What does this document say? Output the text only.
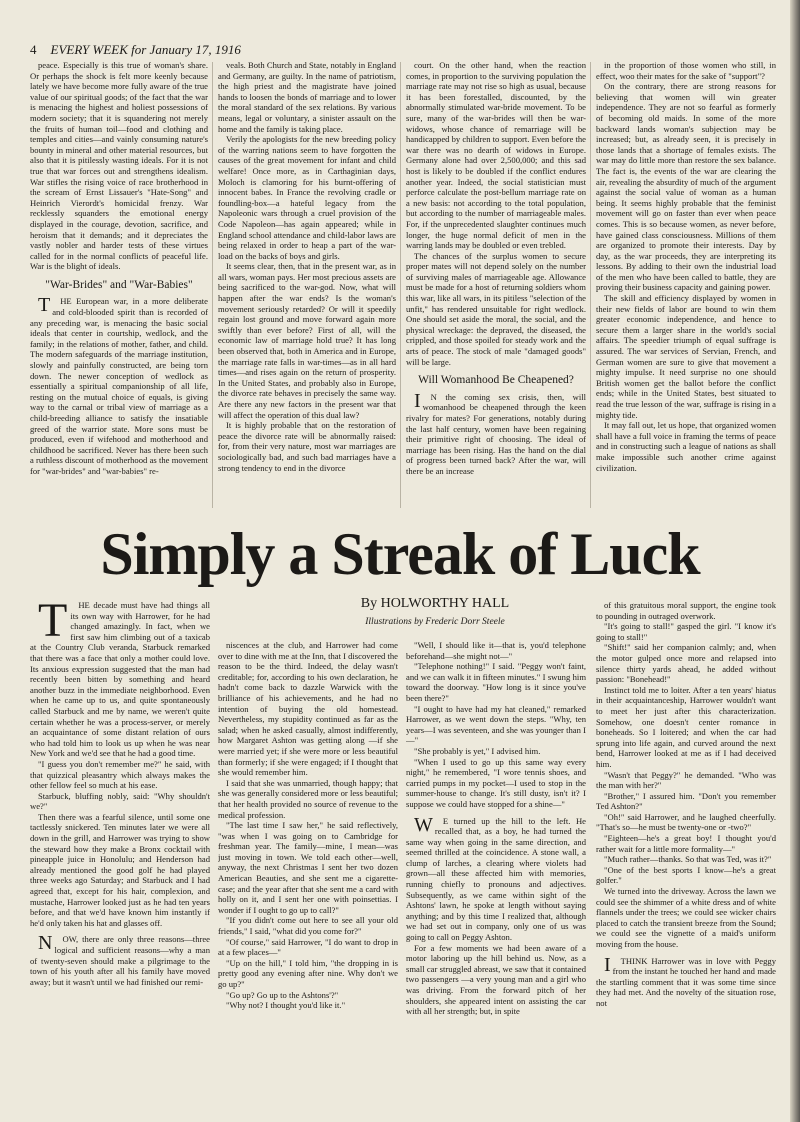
4 EVERY WEEK for January 17, 1916

peace. Especially is this true of woman's share. Or perhaps the shock is felt more keenly because lately we have become more fully aware of the true value of our spiritual goods; of the fact that the war is menacing the highest and holiest possessions of modern society; that it is squandering not merely the fruits of human toil—food and clothing and temples and cities—and vainly consuming nature's bounty in mineral and other material resources, but also that it is pitilessly wasting ideals. For it is not true that war forces out and strengthens idealism. War stifles the rising voice of race brotherhood in the scream of Ernst Lissauer's "Hate-Song" and Heinrich Vierordt's homicidal frenzy. War recklessly squanders the emotional energy displayed in the courage, devotion, sacrifice, and heroism that it demands; and it depreciates the vastly nobler and harder tests of these virtues called for in the normal conflicts of peaceful life. War is the blight of ideals.

"War-Brides" and "War-Babies"

THE European war, in a more deliberate and cold-blooded spirit than is recorded of any preceding war, is menacing the basic social ideals that center in courtship, wedlock, and the family; in the relations of mother, father, and child. The modern safeguards of the marriage institution, slowly and painfully constructed, are being torn down. The newer conception of wedlock as essentially a spiritual companionship of all life, resting on the mutual choice of equals, is giving way to the carnal or tribal view of marriage as a child-breeding alliance to satisfy the insatiable greed of the warrior state. More sons must be produced, even if wifehood and motherhood and childhood be sacrificed. Never has there been such a ruthless discount of motherhood as the movement for "war-brides" and "war-babies" re-

veals. Both Church and State, notably in England and Germany, are guilty. In the name of patriotism, the high priest and the magistrate have joined hands to loosen the bonds of marriage and to lower the moral standard of the sex relations. By various means, legal or voluntary, a sinister assault on the home and the family is taking place.

Verily the apologists for the new breeding policy of the warring nations seem to have forgotten the causes of the great movement for infant and child welfare! Once more, as in Carthaginian days, Moloch is clamoring for his burnt-offering of innocent babes. In France the revolving cradle or foundling-box—a hateful legacy from the Napoleonic wars through a cruel provision of the Code Napoleon—has again appeared; while in England school attendance and child-labor laws are being relaxed in order to heap a part of the war-load on the backs of boys and girls.

It seems clear, then, that in the present war, as in all wars, woman pays. Her most precious assets are being sacrificed to the war-god. Now, what will happen after the war ends? Is the woman's movement seriously retarded? Or will it speedily regain lost ground and move forward again more swiftly than ever before? First of all, will the economic law of marriage hold true? It has long been observed that, both in America and in Europe, the marriage rate falls in war-times—as in all hard times—and rises again on the return of prosperity. In the United States, and probably also in Europe, the divorce rate behaves in precisely the same way. Are there any new factors in the present war that will affect the operation of this dual law?

It is highly probable that on the restoration of peace the divorce rate will be abnormally raised: for, from their very nature, most war marriages are sociologically bad, and such bad marriages have a strong tendency to end in the divorce

court. On the other hand, when the reaction comes, in proportion to the surviving population the marriage rate may not rise so high as usual, because it has been forestalled, discounted, by the abnormally stimulated war-bride movement. To be sure, many of the war-brides will then be war-widows, whose chance of remarriage will be handicapped by children to support. Even before the war there was no dearth of widows in Europe. Germany alone had over 2,500,000; and this sad host is likely to be doubled if the conflict endures another year. Indeed, the social statistician must perforce calculate the post-bellum marriage rate on a new basis: not according to the total population, but according to the number of marriageable males. For, if the unprecedented slaughter continues much longer, the huge normal deficit of men in the warring lands may be doubled or even trebled.

The chances of the surplus women to secure proper mates will not depend solely on the number of surviving males of marriageable age. Allowance must be made for a host of returning soldiers whom this war, like all wars, in its pitiless "selection of the unfit," has rendered unsuitable for right wedlock. One should set aside the moral, the social, and the physical wreckage: the depraved, the diseased, the crippled, and those spoiled for steady work and the arts of peace. The stock of male "damaged goods" will be large.

Will Womanhood Be Cheapened?

IN the coming sex crisis, then, will womanhood be cheapened through the keen rivalry for mates? For generations, notably during the last half century, women have been regaining their primitive right of choosing. The ideal of marriage has been rising. Has the hand on the dial of progress been turned back? After the war, will there be an increase

in the proportion of those women who still, in effect, woo their mates for the sake of "support"?

On the contrary, there are strong reasons for believing that women will win greater independence. They are not so fearful as formerly of becoming old maids. In some of the more backward lands woman's subjection may be increased; but, as already seen, it is precisely in those lands that a shortage of females exists. The war may do little more than restore the sex balance. The fact is, the events of the war are clearing the air, revealing the absurdity of much of the argument against the social value of woman as a human being. It seems highly probable that the feminist movement will go on faster than ever when peace comes. This is so because women, as never before, have gained class consciousness. Millions of them are organized to promote their interests. Day by day, as the war proceeds, they are interpreting its lessons. By adding to their own the industrial load of the men who have been called to battle, they are proving their business capacity and gaining power.

The skill and efficiency displayed by women in their new fields of labor are bound to win them greater economic independence, and hence to secure them a larger share in the world's social affairs. The speedier triumph of equal suffrage is assured. The war services of Servian, French, and German women are sure to give that movement a mighty impulse. It need surprise no one should British women get the ballot before the conflict ends; while in the United States, best situated to read the true lesson of the war, suffrage is rising in a mighty tide.

It may fall out, let us hope, that organized women shall have a full voice in framing the terms of peace and in constructing such a league of nations as shall make impossible such another crime against civilization.

Simply a Streak of Luck
By HOLWORTHY HALL
Illustrations by Frederic Dorr Steele

THE decade must have had things all its own way with Harrower, for he had changed amazingly. In fact, when we first saw him climbing out of a taxicab at the Country Club veranda, Starbuck remarked that there was a face that only a mother could love. Its anxious expression suggested that the man had recently been bitten by something and heard another buzz in the immediate neighborhood. Even when he came up to us, and quite spontaneously called Starbuck and me by name, we weren't quite certain whether he was a process-server, or merely an acquaintance of some distant relation of ours who had told him to look us up when he was near New York and we'd see that he had a good time.

"I guess you don't remember me?" he said, with that quizzical pleasantry which always makes the other fellow feel so much at his ease.

Starbuck, bluffing nobly, said: "Why shouldn't we?"

Then there was a fearful silence, until some one tactlessly snickered. Ten minutes later we were all down in the grill, and Harrower was trying to show the steward how they make a Bronx cocktail with pineapple juice in Honolulu; and Henderson had already mentioned the good golf he had played three weeks ago Saturday; and Starbuck and I had agreed that, except for his hair, complexion, and mustache, Harrower looked just as he had ten years before, and that we'd have known him instantly if he'd only taken his hat and glasses off.

NOW, there are only three reasons—three logical and sufficient reasons—why a man of twenty-seven should make a pilgrimage to the town of his youth after all his family have moved away; but it wasn't until we had finished our remi-

niscences at the club, and Harrower had come over to dine with me at the Inn, that I discovered the reason to be the third. Indeed, the delay wasn't creditable; for, according to his own declaration, he hadn't come back to dazzle Warwick with the brilliance of his achievements, and he had no intention of buying the old homestead. Nevertheless, my stupidity continued as far as the salad; when he asked casually, almost indifferently, how Margaret Ashton was getting along —if she were married yet; if she were more or less beautiful than formerly; if she were engaged; if I thought that she would remember him.

I said that she was unmarried, though happy; that she was generally considered more or less beautiful; that her health provided no source of revenue to the medical profession.

"The last time I saw her," he said reflectively, "was when I was going on to Cambridge for freshman year. The family—mine, I mean—was just moving in town. We told each other—well, anyway, the next Christmas I sent her two dozen American Beauties, and she sent me a cigarette-case; and the year after that she sent me a card with holly on it, and I sent her one with poinsettias. I wonder if I ought to go up to call?"

"If you didn't come out here to see all your old friends," I said, "what did you come for?"

"Of course," said Harrower, "I do want to drop in at a few places—"

"Up on the hill," I told him, "the dropping in is pretty good any evening after nine. Why don't we go up?"

"Go up? Go up to the Ashtons'?"

"Why not? I thought you'd like it."

"Well, I should like it—that is, you'd telephone beforehand—she might not—"

"Telephone nothing!" I said. "Peggy won't faint, and we can walk it in fifteen minutes." I swung him toward the doorway. "How long is it since you've been there?"

"I ought to have had my hat cleaned," remarked Harrower, as we went down the steps. "Why, ten years—I was seventeen, and she was younger than I—"

"She probably is yet," I advised him.

"When I used to go up this same way every night," he remembered, "I wore tennis shoes, and carried pumps in my pocket—I used to stop in the summer-house to change. It's still dusty, isn't it? I suppose we could have stopped for a shine—"

WE turned up the hill to the left. He recalled that, as a boy, he had turned the same way when going in the same direction, and seemed thrilled at the coincidence. A stone wall, a clump of larches, a clearing where violets had grown—all these affected him with memories, running chiefly to pronouns and adjectives. Subsequently, as we came within sight of the Ashtons' lawn, he spoke at length without saying anything; and by this time I realized that, although we had set out in company, only one of us was going to call on Peggy Ashton.

For a few moments we had been aware of a motor laboring up the hill behind us. Now, as a small car struggled abreast, we saw that it contained two passengers —a very young man and a girl who was driving. From the forward pitch of her shoulders, she appeared intent on assisting the car with all her strength; but, in spite

of this gratuitous moral support, the engine took to pounding in outraged overwork.

"It's going to stall!" gasped the girl. "I know it's going to stall!"

"Shift!" said her companion calmly; and, when the motor gulped once more and relapsed into silence thirty yards ahead, he added without passion: "Bonehead!"

Instinct told me to loiter. After a ten years' hiatus in their acquaintanceship, Harrower wouldn't want to meet her just after this characterization. Somehow, one doesn't center romance in boneheads. So I loitered; and when the car had sprung into life again, and curved around the next bend, Harrower looked at me as if I had deceived him.

"Wasn't that Peggy?" he demanded. "Who was the man with her?"

"Brother," I assured him. "Don't you remember Ted Ashton?"

"Oh!" said Harrower, and he laughed cheerfully. "That's so—he must be twenty-one or -two?"

"Eighteen—he's a great boy! I thought you'd rather wait for a little more formality—"

"Much rather—thanks. So that was Ted, was it?"

"One of the best sports I know—he's a great golfer."

We turned into the driveway. Across the lawn we could see the shimmer of a white dress and of white flannels under the trees; we could see wicker chairs placed to catch the transient breeze from the Sound; we could see the vignette of a maid's uniform moving from the house.

ITHINK Harrower was in love with Peggy from the instant he touched her hand and made the startling comment that it was some time since they had met. And the novelty of the situation rose, not
